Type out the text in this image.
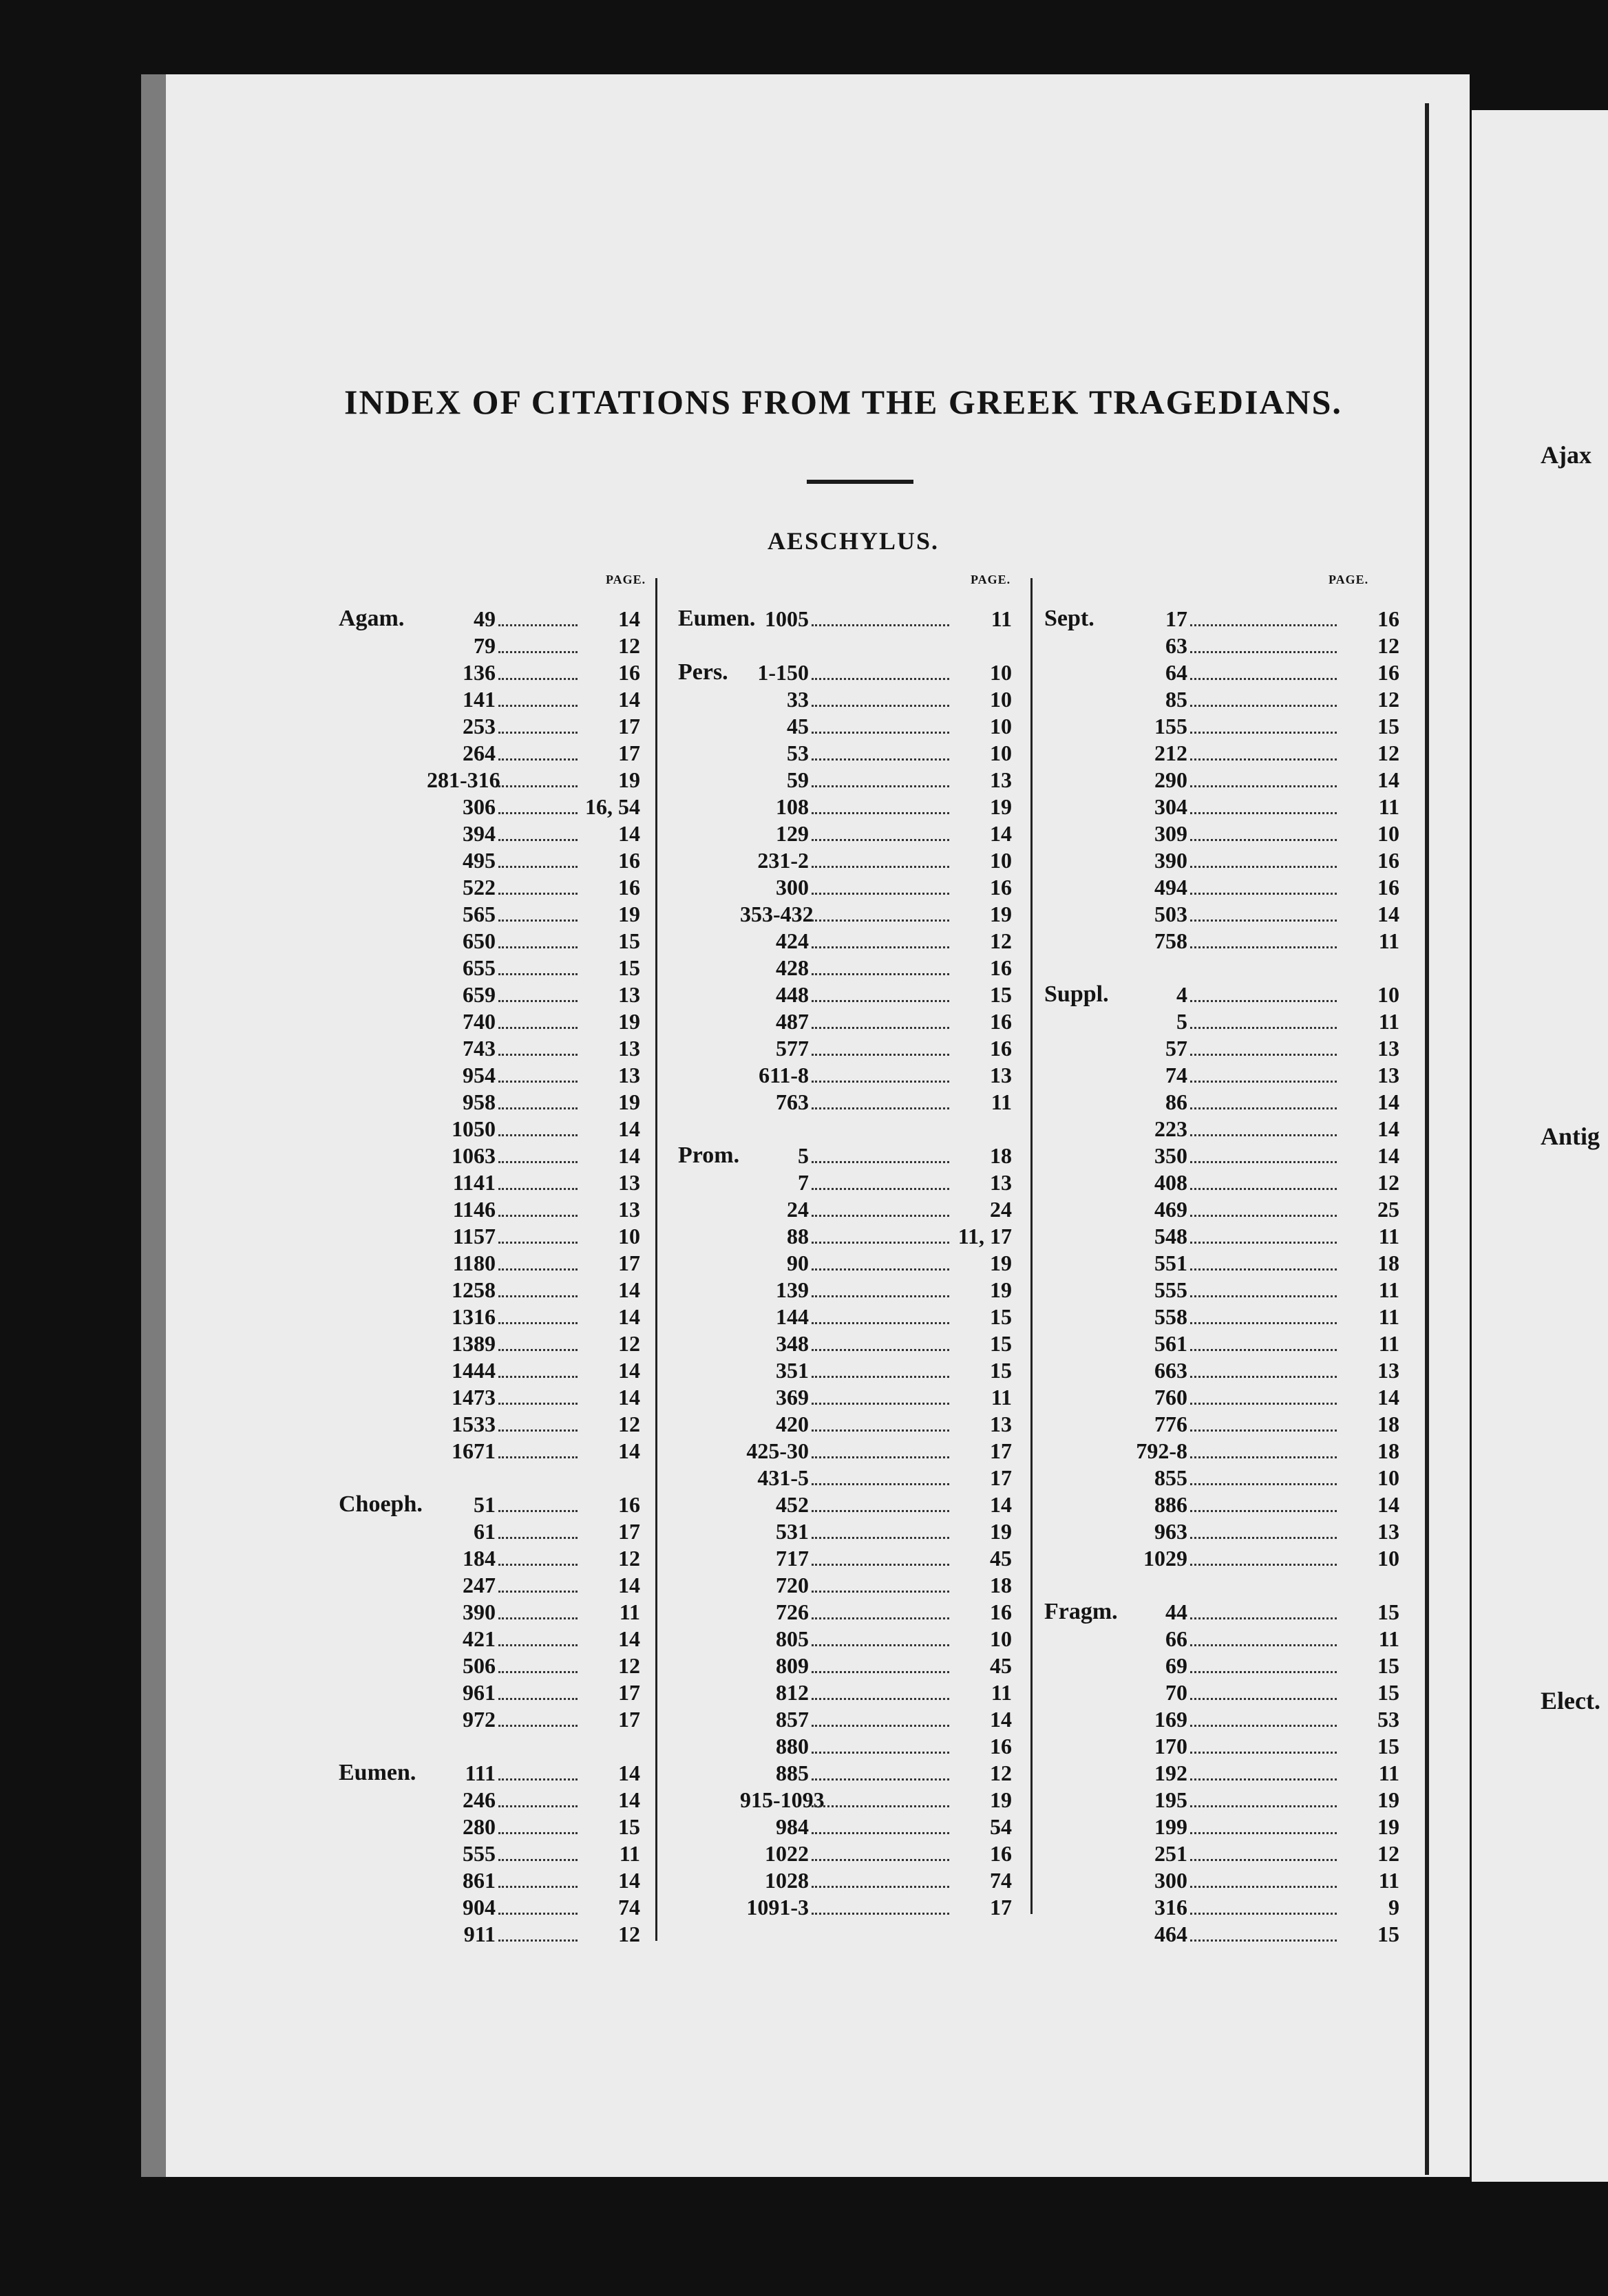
Ajax
Antig
Elect.
INDEX OF CITATIONS FROM THE GREEK TRAGEDIANS.
AESCHYLUS.
PAGE.
Agam.	49	14
79	12
136	16
141	14
253	17
264	17
281-316	19
306	16, 54
394	14
495	16
522	16
565	19
650	15
655	15
659	13
740	19
743	13
954	13
958	19
1050	14
1063	14
1141	13
1146	13
1157	10
1180	17
1258	14
1316	14
1389	12
1444	14
1473	14
1533	12
1671	14
Choeph.	51	16
61	17
184	12
247	14
390	11
421	14
506	12
961	17
972	17
Eumen.	111	14
246	14
280	15
555	11
861	14
904	74
911	12
PAGE.
Eumen. 1005	11
Pers.	1-150	10
33	10
45	10
53	10
59	13
108	19
129	14
231-2	10
300	16
353-432	19
424	12
428	16
448	15
487	16
577	16
611-8	13
763	11
Prom.	5	18
7	13
24	24
88	11, 17
90	19
139	19
144	15
348	15
351	15
369	11
420	13
425-30	17
431-5	17
452	14
531	19
717	45
720	18
726	16
805	10
809	45
812	11
857	14
880	16
885	12
915-1093	19
984	54
1022	16
1028	74
1091-3	17
PAGE.
Sept.	17	16
63	12
64	16
85	12
155	15
212	12
290	14
304	11
309	10
390	16
494	16
503	14
758	11
Suppl.	4	10
5	11
57	13
74	13
86	14
223	14
350	14
408	12
469	25
548	11
551	18
555	11
558	11
561	11
663	13
760	14
776	18
792-8	18
855	10
886	14
963	13
1029	10
Fragm.	44	15
66	11
69	15
70	15
169	53
170	15
192	11
195	19
199	19
251	12
300	11
316	9
464	15
